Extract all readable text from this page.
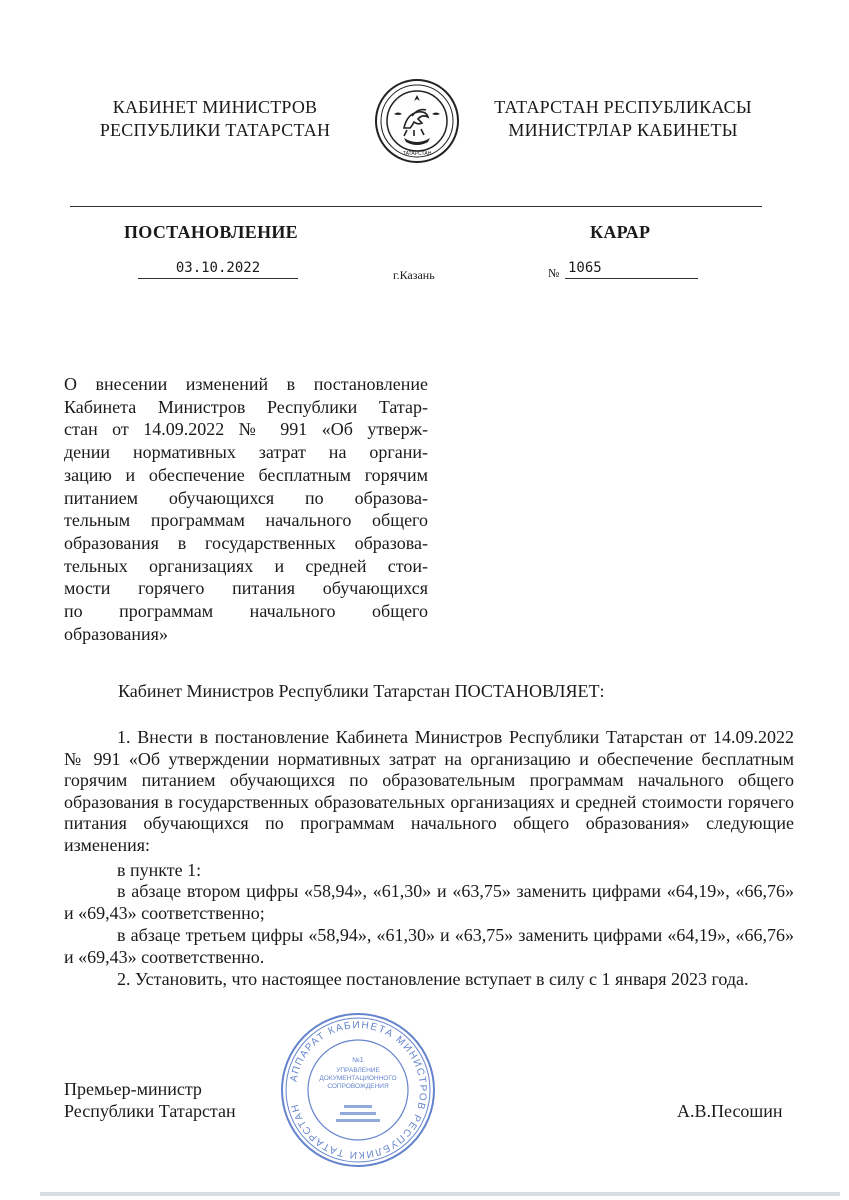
КАБИНЕТ МИНИСТРОВ
РЕСПУБЛИКИ ТАТАРСТАН
ТАТАРСТАН
ТАТАРСТАН РЕСПУБЛИКАСЫ
МИНИСТРЛАР КАБИНЕТЫ
ПОСТАНОВЛЕНИЕ	КАРАР
03.10.2022	г.Казань	№ 1065
О внесении изменений в постановление
Кабинета Министров Республики Татар-
стан от 14.09.2022 № 991 «Об утверж-
дении нормативных затрат на органи-
зацию и обеспечение бесплатным горячим
питанием обучающихся по образова-
тельным программам начального общего
образования в государственных образова-
тельных организациях и средней стои-
мости горячего питания обучающихся
по программам начального общего
образования»
Кабинет Министров Республики Татарстан ПОСТАНОВЛЯЕТ:
1. Внести в постановление Кабинета Министров Республики Татарстан от 14.09.2022 № 991 «Об утверждении нормативных затрат на организацию и обеспечение бесплатным горячим питанием обучающихся по образовательным программам начального общего образования в государственных образовательных организациях и средней стоимости горячего питания обучающихся по программам начального общего образования» следующие изменения:
в пункте 1:
в абзаце втором цифры «58,94», «61,30» и «63,75» заменить цифрами «64,19», «66,76» и «69,43» соответственно;
в абзаце третьем цифры «58,94», «61,30» и «63,75» заменить цифрами «64,19», «66,76» и «69,43» соответственно.
2. Установить, что настоящее постановление вступает в силу с 1 января 2023 года.
Премьер-министр
Республики Татарстан	А.В.Песошин
АППАРАТ КАБИНЕТА МИНИСТРОВ РЕСПУБЛИКИ ТАТАРСТАН
№1
УПРАВЛЕНИЕ
ДОКУМЕНТАЦИОННОГО
СОПРОВОЖДЕНИЯ
